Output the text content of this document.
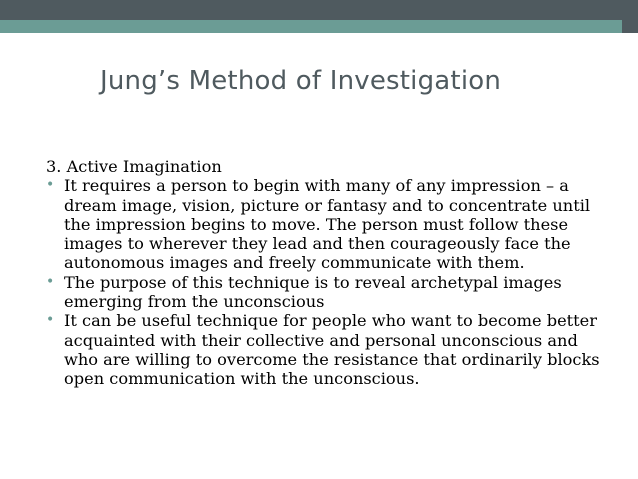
Jung’s Method of Investigation

3. Active Imagination

• It requires a person to begin with many of any impression – a dream image, vision, picture or fantasy and to concentrate until the impression begins to move. The person must follow these images to wherever they lead and then courageously face the autonomous images and freely communicate with them.
• The purpose of this technique is to reveal archetypal images emerging from the unconscious
• It can be useful technique for people who want to become better acquainted with their collective and personal unconscious and who are willing to overcome the resistance that ordinarily blocks open communication with the unconscious.
